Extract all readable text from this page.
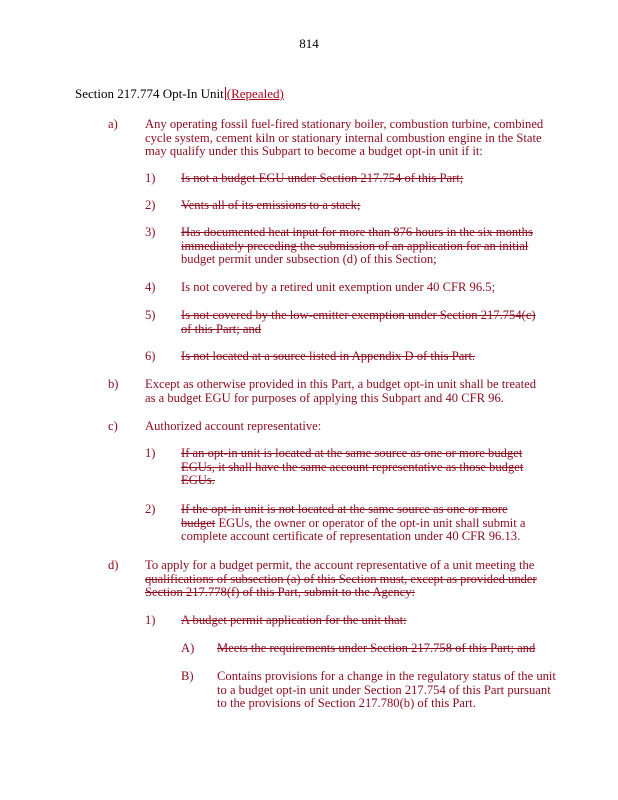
814
Section 217.774 Opt-In Unit (Repealed)
a) Any operating fossil fuel-fired stationary boiler, combustion turbine, combined cycle system, cement kiln or stationary internal combustion engine in the State may qualify under this Subpart to become a budget opt-in unit if it:
1) Is not a budget EGU under Section 217.754 of this Part;
2) Vents all of its emissions to a stack;
3) Has documented heat input for more than 876 hours in the six months immediately preceding the submission of an application for an initial budget permit under subsection (d) of this Section;
4) Is not covered by a retired unit exemption under 40 CFR 96.5;
5) Is not covered by the low-emitter exemption under Section 217.754(c) of this Part; and
6) Is not located at a source listed in Appendix D of this Part.
b) Except as otherwise provided in this Part, a budget opt-in unit shall be treated as a budget EGU for purposes of applying this Subpart and 40 CFR 96.
c) Authorized account representative:
1) If an opt-in unit is located at the same source as one or more budget EGUs, it shall have the same account representative as those budget EGUs.
2) If the opt-in unit is not located at the same source as one or more budget EGUs, the owner or operator of the opt-in unit shall submit a complete account certificate of representation under 40 CFR 96.13.
d) To apply for a budget permit, the account representative of a unit meeting the qualifications of subsection (a) of this Section must, except as provided under Section 217.778(f) of this Part, submit to the Agency:
1) A budget permit application for the unit that:
A) Meets the requirements under Section 217.758 of this Part; and
B) Contains provisions for a change in the regulatory status of the unit to a budget opt-in unit under Section 217.754 of this Part pursuant to the provisions of Section 217.780(b) of this Part.
